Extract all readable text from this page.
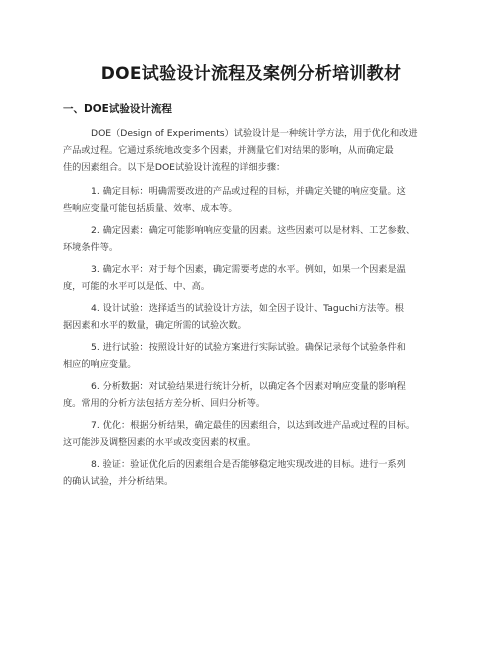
DOE试验设计流程及案例分析培训教材
一、DOE试验设计流程
DOE（Design of Experiments）试验设计是一种统计学方法，用于优化和改进
产品或过程。它通过系统地改变多个因素，并测量它们对结果的影响，从而确定最
佳的因素组合。以下是DOE试验设计流程的详细步骤：
1. 确定目标：明确需要改进的产品或过程的目标，并确定关键的响应变量。这
些响应变量可能包括质量、效率、成本等。
2. 确定因素：确定可能影响响应变量的因素。这些因素可以是材料、工艺参数、
环境条件等。
3. 确定水平：对于每个因素，确定需要考虑的水平。例如，如果一个因素是温
度，可能的水平可以是低、中、高。
4. 设计试验：选择适当的试验设计方法，如全因子设计、Taguchi方法等。根
据因素和水平的数量，确定所需的试验次数。
5. 进行试验：按照设计好的试验方案进行实际试验。确保记录每个试验条件和
相应的响应变量。
6. 分析数据：对试验结果进行统计分析，以确定各个因素对响应变量的影响程
度。常用的分析方法包括方差分析、回归分析等。
7. 优化：根据分析结果，确定最佳的因素组合，以达到改进产品或过程的目标。
这可能涉及调整因素的水平或改变因素的权重。
8. 验证：验证优化后的因素组合是否能够稳定地实现改进的目标。进行一系列
的确认试验，并分析结果。
